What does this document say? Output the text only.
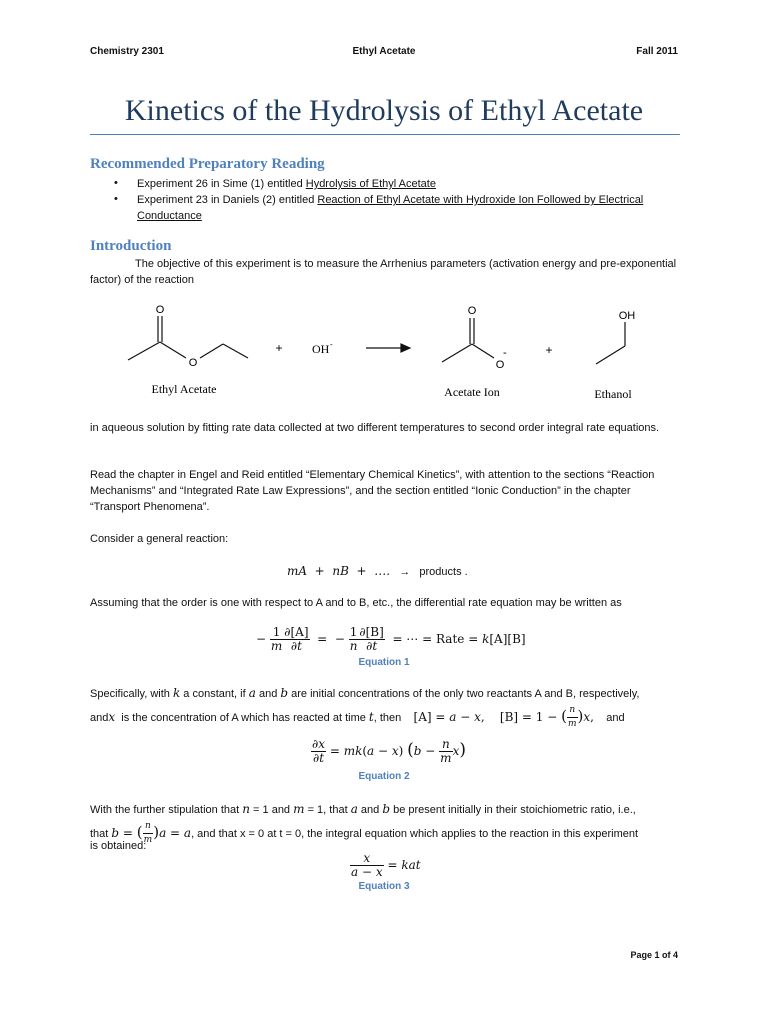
Chemistry 2301	Ethyl Acetate	Fall 2011
Kinetics of the Hydrolysis of Ethyl Acetate
Recommended Preparatory Reading
• Experiment 26 in Sime (1) entitled Hydrolysis of Ethyl Acetate
• Experiment 23 in Daniels (2) entitled Reaction of Ethyl Acetate with Hydroxide Ion Followed by Electrical Conductance
Introduction
The objective of this experiment is to measure the Arrhenius parameters (activation energy and pre-exponential factor) of the reaction
O
O
Ethyl Acetate
+ OH -
O
O
-
Acetate Ion
+
OH
Ethanol
in aqueous solution by fitting rate data collected at two different temperatures to second order integral rate equations.
Read the chapter in Engel and Reid entitled “Elementary Chemical Kinetics”, with attention to the sections “Reaction Mechanisms” and “Integrated Rate Law Expressions”, and the section entitled “Ionic Conduction” in the chapter “Transport Phenomena”.
Consider a general reaction:
mA  +  nB  +  …. → products .
Assuming that the order is one with respect to A and to B, etc., the differential rate equation may be written as
− $\frac{1}{m} \frac{\partial[A]}{\partial t}$ =  − $\frac{1}{n} \frac{\partial[B]}{\partial t}$ = ⋯ = Rate = k[A][B]
Equation 1
Specifically, with k a constant, if a and b are initial concentrations of the only two reactants A and B, respectively,
andx is the concentration of A which has reacted at time t, then [A] = a − x,    [B] = 1 − ( $\frac{n}{m} )x$, and
$\frac{\partial x}{\partial t} = mk(a - x) (b - \frac{n}{m} x)$
Equation 2
With the further stipulation that n = 1 and m = 1, that a and b be present initially in their stoichiometric ratio, i.e.,
that b = ( $\frac{n}{m} )a = a$, and that x = 0 at t = 0, the integral equation which applies to the reaction in this experiment
is obtained:
$\frac{x}{a - x}$ = kat
Equation 3
Page 1 of 4
